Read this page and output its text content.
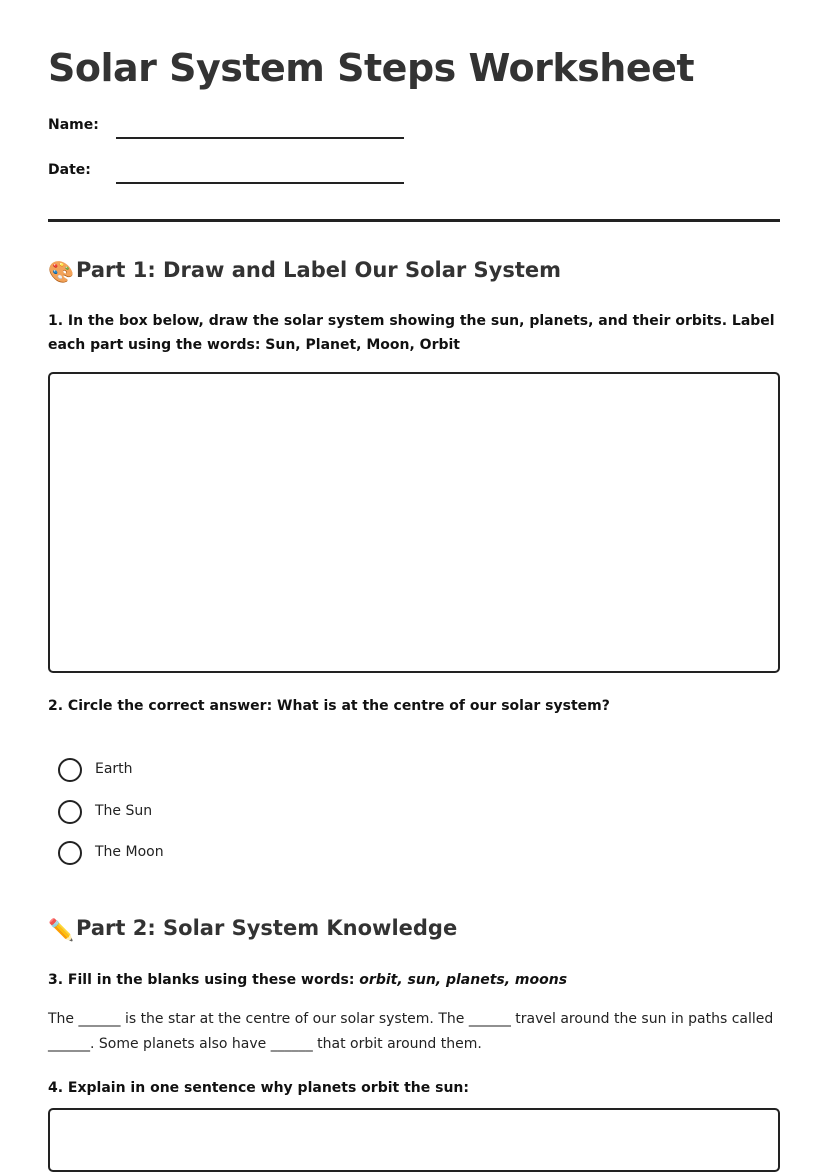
Solar System Steps Worksheet
Name:
Date:
🎨Part 1: Draw and Label Our Solar System

1. In the box below, draw the solar system showing the sun, planets, and their orbits. Label each part using the words: Sun, Planet, Moon, Orbit

2. Circle the correct answer: What is at the centre of our solar system?

Earth
The Sun
The Moon
✏️Part 2: Solar System Knowledge

3. Fill in the blanks using these words: orbit, sun, planets, moons

The ______ is the star at the centre of our solar system. The ______ travel around the sun in paths called ______. Some planets also have ______ that orbit around them.

4. Explain in one sentence why planets orbit the sun:
